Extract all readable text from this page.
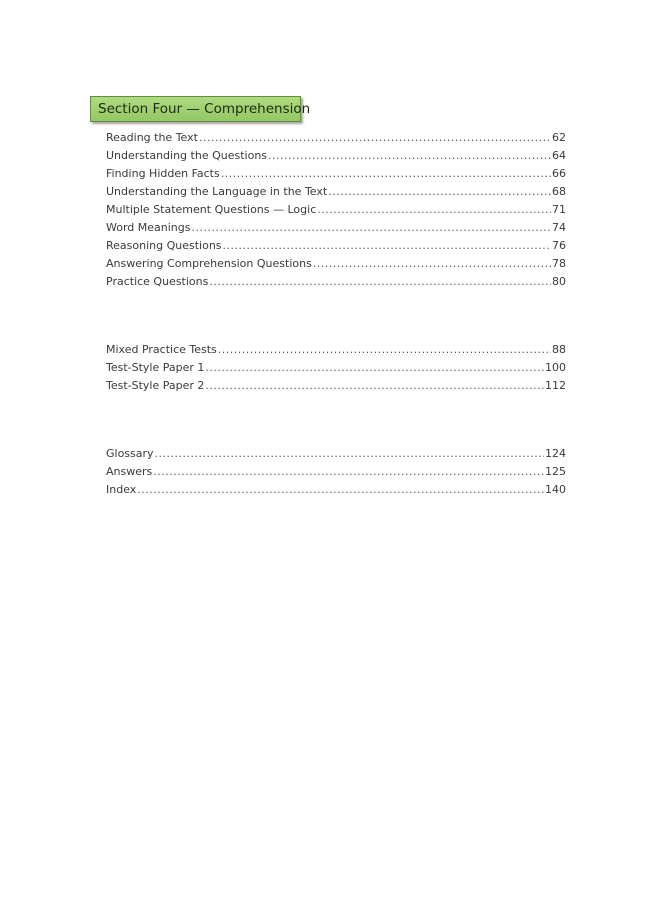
Section Four — Comprehension
Reading the Text .....	62
Understanding the Questions .....	64
Finding Hidden Facts .....	66
Understanding the Language in the Text .....	68
Multiple Statement Questions — Logic .....	71
Word Meanings .....	74
Reasoning Questions .....	76
Answering Comprehension Questions .....	78
Practice Questions .....	80
Mixed Practice Tests .....	88
Test-Style Paper 1 .....	100
Test-Style Paper 2 .....	112
Glossary .....	124
Answers .....	125
Index .....	140
